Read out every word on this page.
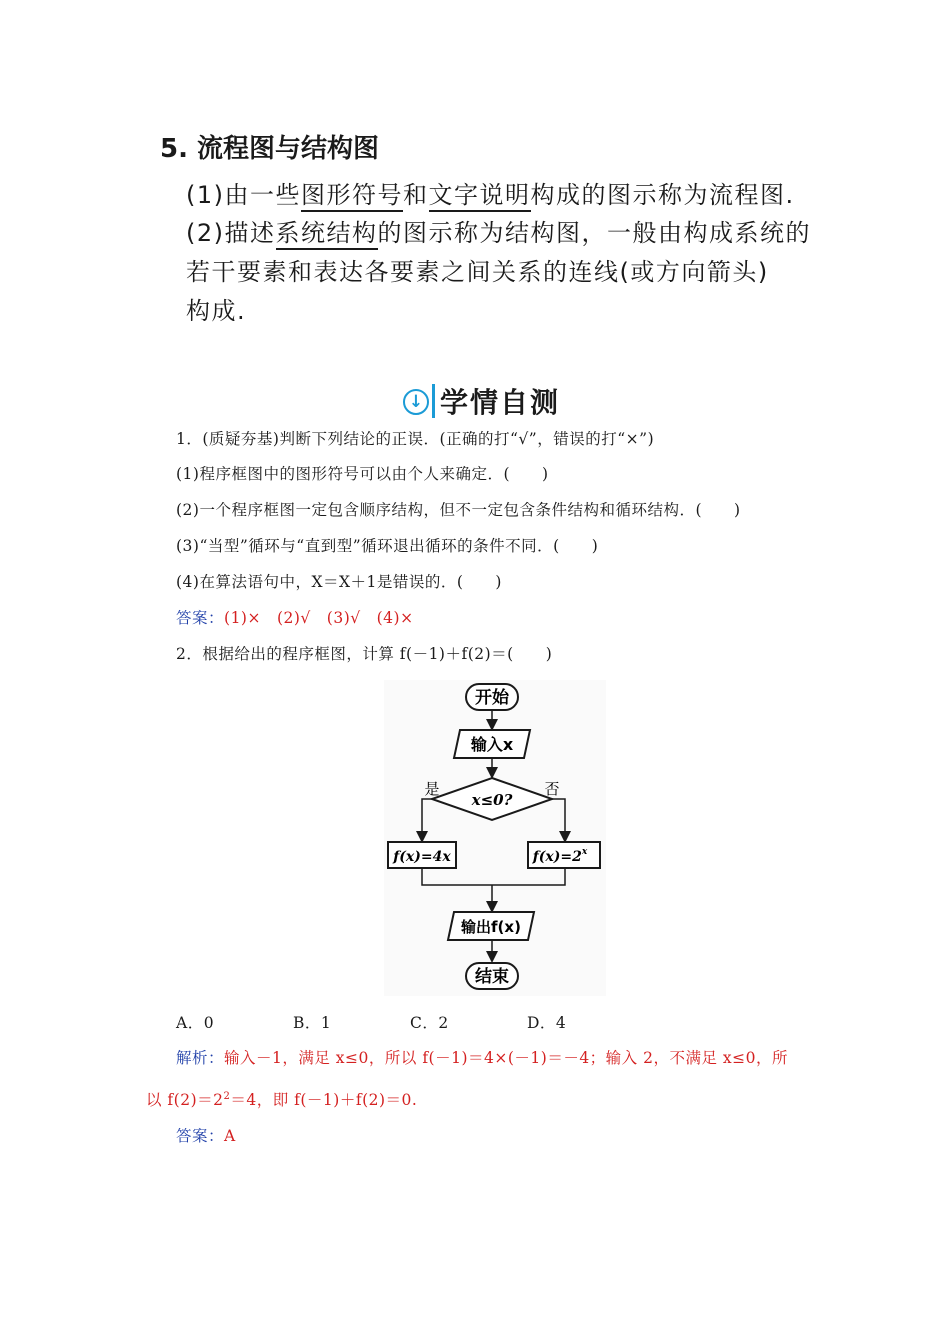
5. 流程图与结构图
(1)由一些图形符号和文字说明构成的图示称为流程图.
(2)描述系统结构的图示称为结构图，一般由构成系统的
若干要素和表达各要素之间关系的连线(或方向箭头)
构成.
↓ 学情自测
1．(质疑夯基)判断下列结论的正误．(正确的打“√”，错误的打“×”)
(1)程序框图中的图形符号可以由个人来确定．(　　)
(2)一个程序框图一定包含顺序结构，但不一定包含条件结构和循环结构．(　　)
(3)“当型”循环与“直到型”循环退出循环的条件不同．(　　)
(4)在算法语句中，X＝X＋1是错误的．(　　)
答案：(1)×　(2)√　(3)√　(4)×
2．根据给出的程序框图，计算 f(－1)＋f(2)＝(　　)
开始
输入x
x≤0?
是	否
f(x)=4x	$f(x)=2^x$
输出f(x)
结束
A．0	B．1	C．2	D．4
解析：输入－1，满足 x≤0，所以 f(－1)＝4×(－1)＝－4；输入 2，不满足 x≤0，所
以 $f(2)=2^2=4$，即 f(－1)＋f(2)＝0.
答案：A
